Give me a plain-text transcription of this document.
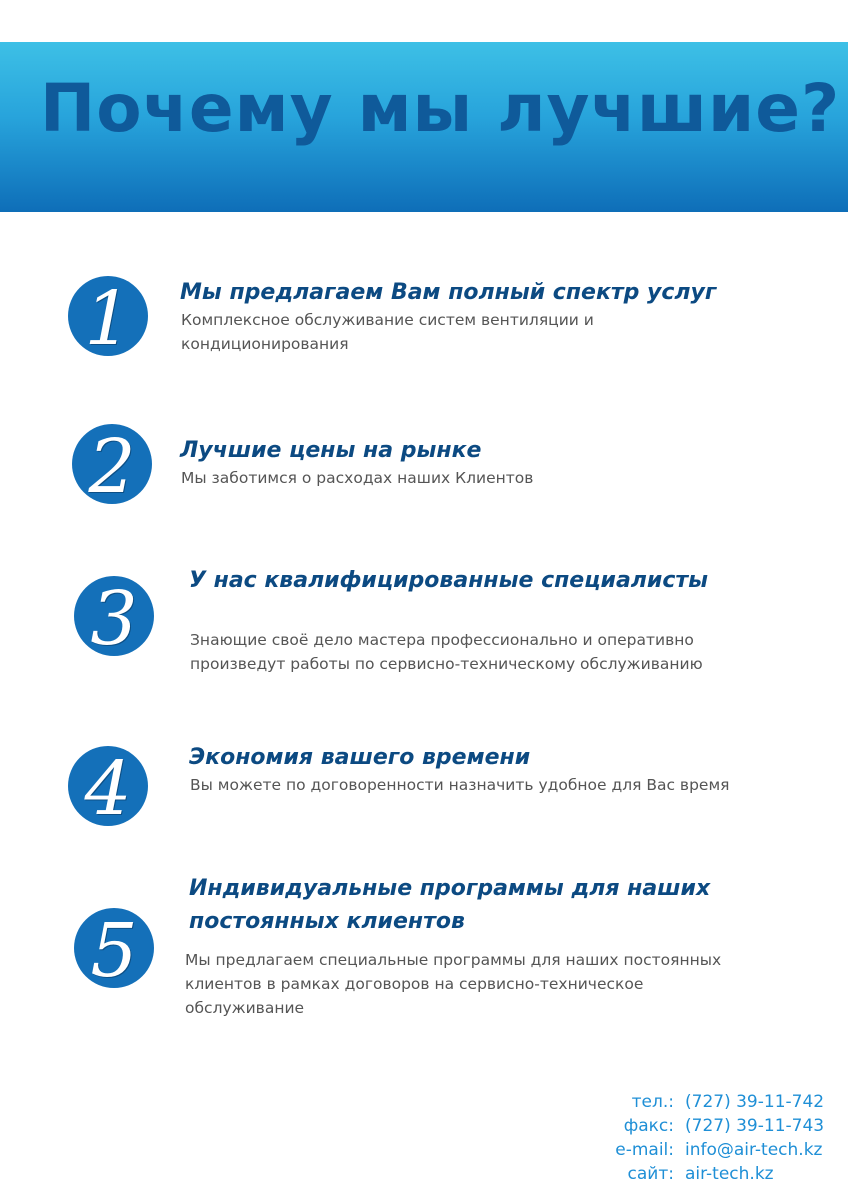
Почему мы лучшие?
1	Мы предлагаем Вам полный спектр услуг
Комплексное обслуживание систем вентиляции и
кондиционирования
2	Лучшие цены на рынке
Мы заботимся о расходах наших Клиентов
3	У нас квалифицированные специалисты
Знающие своё дело мастера профессионально и оперативно
произведут работы по сервисно-техническому обслуживанию
4	Экономия вашего времени
Вы можете по договоренности назначить удобное для Вас время
5
Индивидуальные программы для наших
постоянных клиентов
Мы предлагаем специальные программы для наших постоянных
клиентов в рамках договоров на сервисно-техническое
обслуживание
тел.: (727) 39-11-742
факс: (727) 39-11-743
e-mail: info@air-tech.kz
сайт: air-tech.kz
